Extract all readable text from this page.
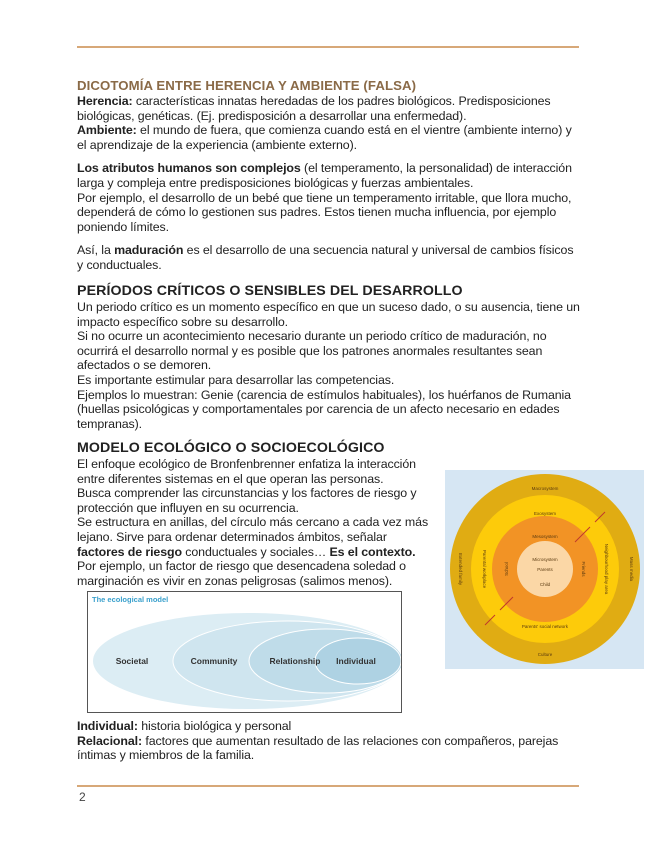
DICOTOMÍA ENTRE HERENCIA Y AMBIENTE (FALSA)

Herencia: características innatas heredadas de los padres biológicos. Predisposiciones biológicas, genéticas. (Ej. predisposición a desarrollar una enfermedad).

Ambiente: el mundo de fuera, que comienza cuando está en el vientre (ambiente interno) y el aprendizaje de la experiencia (ambiente externo).

Los atributos humanos son complejos (el temperamento, la personalidad) de interacción larga y compleja entre predisposiciones biológicas y fuerzas ambientales.

Por ejemplo, el desarrollo de un bebé que tiene un temperamento irritable, que llora mucho, dependerá de cómo lo gestionen sus padres. Estos tienen mucha influencia, por ejemplo poniendo límites.

Así, la maduración es el desarrollo de una secuencia natural y universal de cambios físicos y conductuales.

PERÍODOS CRÍTICOS O SENSIBLES DEL DESARROLLO

Un periodo crítico es un momento específico en que un suceso dado, o su ausencia, tiene un impacto específico sobre su desarrollo.

Si no ocurre un acontecimiento necesario durante un periodo crítico de maduración, no ocurrirá el desarrollo normal y es posible que los patrones anormales resultantes sean afectados o se demoren.

Es importante estimular para desarrollar las competencias.

Ejemplos lo muestran: Genie (carencia de estímulos habituales), los huérfanos de Rumania (huellas psicológicas y comportamentales por carencia de un afecto necesario en edades tempranas).

MODELO ECOLÓGICO O SOCIOECOLÓGICO

El enfoque ecológico de Bronfenbrenner enfatiza la interacción entre diferentes sistemas en el que operan las personas.

Busca comprender las circunstancias y los factores de riesgo y protección que influyen en su ocurrencia.

Se estructura en anillas, del círculo más cercano a cada vez más lejano. Sirve para ordenar determinados ámbitos, señalar factores de riesgo conductuales y sociales… Es el contexto.

Por ejemplo, un factor de riesgo que desencadena soledad o marginación es vivir en zonas peligrosas (salimos menos).

The ecological model
Societal	Community	Relationship Individual
Macrosystem
Exosystem
Mesosystem
Microsystem
Parents
Child
School	Friends
Extended family	Parental workplace	Neighbourhood play area	Mass media
Parents' social network
Culture

Individual: historia biológica y personal

Relacional: factores que aumentan resultado de las relaciones con compañeros, parejas íntimas y miembros de la familia.

2
